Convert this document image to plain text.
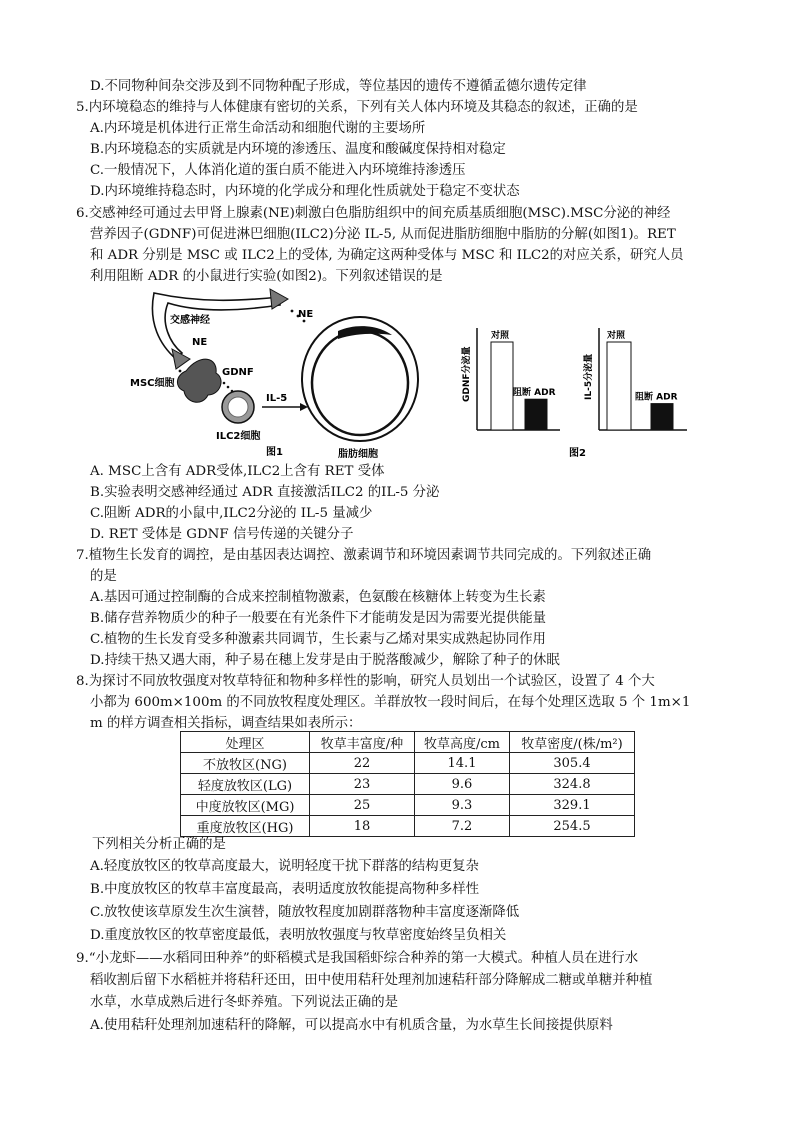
D.不同物种间杂交涉及到不同物种配子形成，等位基因的遗传不遵循孟德尔遗传定律
5.内环境稳态的维持与人体健康有密切的关系，下列有关人体内环境及其稳态的叙述，正确的是
A.内环境是机体进行正常生命活动和细胞代谢的主要场所
B.内环境稳态的实质就是内环境的渗透压、温度和酸碱度保持相对稳定
C.一般情况下，人体消化道的蛋白质不能进入内环境维持渗透压
D.内环境维持稳态时，内环境的化学成分和理化性质就处于稳定不变状态
6.交感神经可通过去甲肾上腺素(NE)刺激白色脂肪组织中的间充质基质细胞(MSC).MSC分泌的神经
营养因子(GDNF)可促进淋巴细胞(ILC2)分泌 IL-5, 从而促进脂肪细胞中脂肪的分解(如图1)。RET
和 ADR 分别是 MSC 或 ILC2上的受体, 为确定这两种受体与 MSC 和 ILC2的对应关系，研究人员
利用阻断 ADR 的小鼠进行实验(如图2)。下列叙述错误的是
交感神经
NE
NE
MSC细胞
GDNF
ILC2细胞
IL-5
脂肪细胞
图1
GDNF分泌量
对照
阻断 ADR	IL-5分泌量
对照
阻断 ADR
图2
A. MSC上含有 ADR受体,ILC2上含有 RET 受体
B.实验表明交感神经通过 ADR 直接激活ILC2 的IL-5 分泌
C.阻断 ADR的小鼠中,ILC2分泌的 IL-5 量减少
D. RET 受体是 GDNF 信号传递的关键分子
7.植物生长发育的调控，是由基因表达调控、激素调节和环境因素调节共同完成的。下列叙述正确
的是
A.基因可通过控制酶的合成来控制植物激素，色氨酸在核糖体上转变为生长素
B.储存营养物质少的种子一般要在有光条件下才能萌发是因为需要光提供能量
C.植物的生长发育受多种激素共同调节，生长素与乙烯对果实成熟起协同作用
D.持续干热又遇大雨，种子易在穗上发芽是由于脱落酸减少，解除了种子的休眠
8.为探讨不同放牧强度对牧草特征和物种多样性的影响，研究人员划出一个试验区，设置了 4 个大
小都为 600m×100m 的不同放牧程度处理区。羊群放牧一段时间后，在每个处理区选取 5 个 1m×1
m 的样方调查相关指标，调查结果如表所示：
处理区	牧草丰富度/种	牧草高度/cm	牧草密度/(株/m²)
不放牧区(NG)	22	14.1	305.4
轻度放牧区(LG)	23	9.6	324.8
中度放牧区(MG)	25	9.3	329.1
重度放牧区(HG)	18	7.2	254.5
下列相关分析正确的是
A.轻度放牧区的牧草高度最大，说明轻度干扰下群落的结构更复杂
B.中度放牧区的牧草丰富度最高，表明适度放牧能提高物种多样性
C.放牧使该草原发生次生演替，随放牧程度加剧群落物种丰富度逐渐降低
D.重度放牧区的牧草密度最低，表明放牧强度与牧草密度始终呈负相关
9.“小龙虾——水稻同田种养”的虾稻模式是我国稻虾综合种养的第一大模式。种植人员在进行水
稻收割后留下水稻桩并将秸秆还田，田中使用秸秆处理剂加速秸秆部分降解成二糖或单糖并种植
水草，水草成熟后进行冬虾养殖。下列说法正确的是
A.使用秸秆处理剂加速秸秆的降解，可以提高水中有机质含量，为水草生长间接提供原料
